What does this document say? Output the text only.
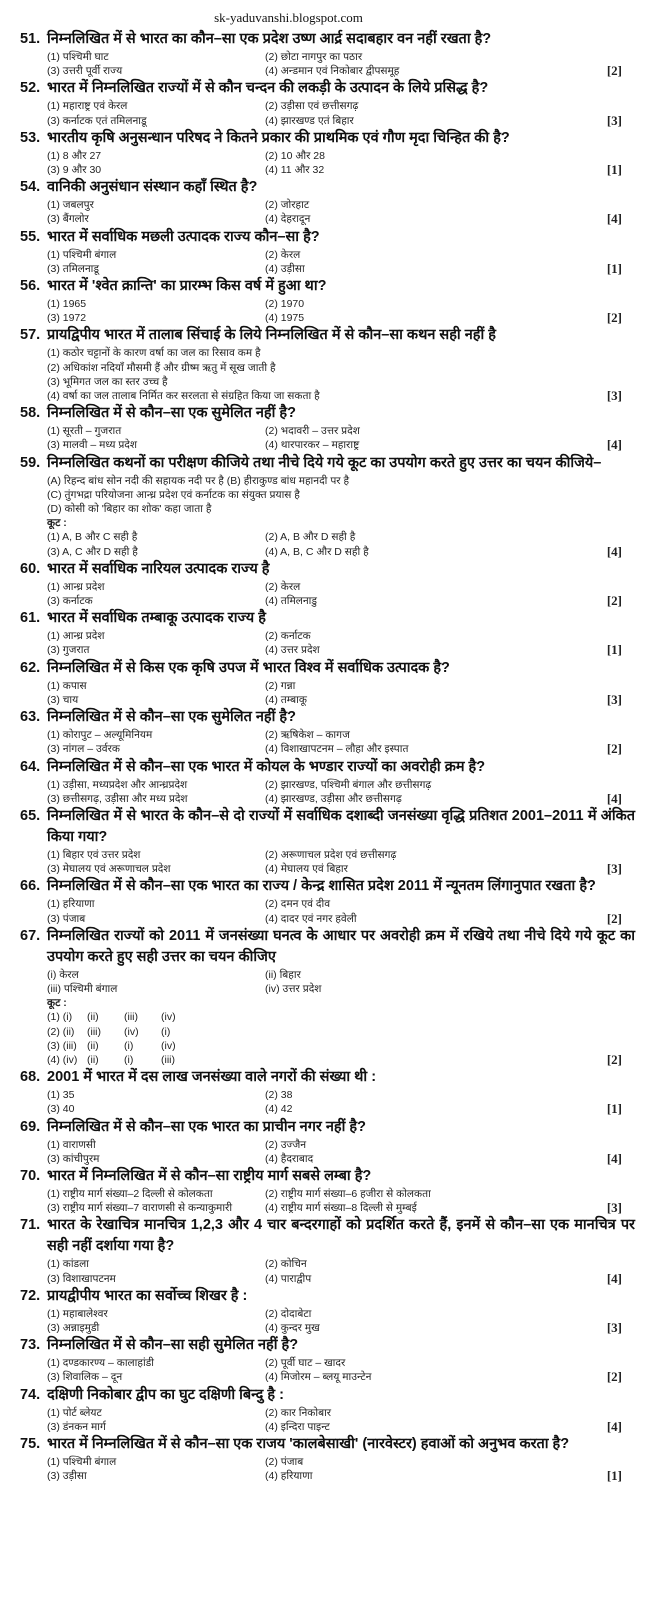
sk-yaduvanshi.blogspot.com
51. निम्नलिखित में से भारत का कौन–सा एक प्रदेश उष्ण आर्द्र सदाबहार वन नहीं रखता है?
(1) पश्चिमी घाट	(2) छोटा नागपुर का पठार
(3) उत्तरी पूर्वी राज्य	(4) अन्डमान एवं निकोबार द्वीपसमूह	[2]
52. भारत में निम्नलिखित राज्यों में से कौन चन्दन की लकड़ी के उत्पादन के लिये प्रसिद्ध है?
(1) महाराष्ट्र एवं केरल	(2) उड़ीसा एवं छत्तीसगढ़
(3) कर्नाटक एतं तमिलनाडू	(4) झारखण्ड एतं बिहार	[3]
53. भारतीय कृषि अनुसन्धान परिषद ने कितने प्रकार की प्राथमिक एवं गौण मृदा चिन्हित की है?
(1) 8 और 27	(2) 10 और 28
(3) 9 और 30	(4) 11 और 32	[1]
54. वानिकी अनुसंधान संस्थान कहाँ स्थित है?
(1) जबलपुर	(2) जोरहाट
(3) बैंगलोर	(4) देहरादून	[4]
55. भारत में सर्वाधिक मछली उत्पादक राज्य कौन–सा है?
(1) पश्चिमी बंगाल	(2) केरल
(3) तमिलनाडू	(4) उड़ीसा	[1]
56. भारत में 'श्वेत क्रान्ति' का प्रारम्भ किस वर्ष में हुआ था?
(1) 1965	(2) 1970
(3) 1972	(4) 1975	[2]
57. प्रायद्विपीय भारत में तालाब सिंचाई के लिये निम्नलिखित में से कौन–सा कथन सही नहीं है
(1) कठोर चट्टानों के कारण वर्षा का जल का रिसाव कम है
(2) अधिकांश नदियाँ मौसमी हैं और ग्रीष्म ऋतु में सूख जाती है
(3) भूमिगत जल का स्तर उच्च है
(4) वर्षा का जल तालाब निर्मित कर सरलता से संग्रहित किया जा सकता है	[3]
58. निम्नलिखित में से कौन–सा एक सुमेलित नहीं है?
(1) सूरती – गुजरात	(2) भदावरी – उत्तर प्रदेश
(3) मालवी – मध्य प्रदेश	(4) थारपारकर – महाराष्ट्र	[4]
59. निम्नलिखित कथनों का परीक्षण कीजिये तथा नीचे दिये गये कूट का उपयोग करते हुए उत्तर का चयन कीजिये–
(A) रिहन्द बांध सोन नदी की सहायक नदी पर है (B) हीराकुण्ड बांध महानदी पर है
(C) तुंगभद्रा परियोजना आन्ध्र प्रदेश एवं कर्नाटक का संयुक्त प्रयास है
(D) कोसी को 'बिहार का शोक' कहा जाता है
कूट :
(1) A, B और C सही है	(2) A, B और D सही है
(3) A, C और D सही है	(4) A, B, C और D सही है	[4]
60. भारत में सर्वाधिक नारियल उत्पादक राज्य है
(1) आन्ध्र प्रदेश	(2) केरल
(3) कर्नाटक	(4) तमिलनाडु	[2]
61. भारत में सर्वाधिक तम्बाकू उत्पादक राज्य है
(1) आन्ध्र प्रदेश	(2) कर्नाटक
(3) गुजरात	(4) उत्तर प्रदेश	[1]
62. निम्नलिखित में से किस एक कृषि उपज में भारत विश्व में सर्वाधिक उत्पादक है?
(1) कपास	(2) गन्ना
(3) चाय	(4) तम्बाकू	[3]
63. निम्नलिखित में से कौन–सा एक सुमेलित नहीं है?
(1) कोरापुट – अल्यूमिनियम	(2) ऋषिकेश – कागज
(3) नांगल – उर्वरक	(4) विशाखापटनम – लौहा और इस्पात	[2]
64. निम्नलिखित में से कौन–सा एक भारत में कोयल के भण्डार राज्यों का अवरोही क्रम है?
(1) उड़ीसा, मध्यप्रदेश और आन्ध्रप्रदेश	(2) झारखण्ड, पश्चिमी बंगाल और छत्तीसगढ़
(3) छत्तीसगढ़, उड़ीसा और मध्य प्रदेश	(4) झारखण्ड, उड़ीसा और छत्तीसगढ़	[4]
65. निम्नलिखित में से भारत के कौन–से दो राज्यों में सर्वाधिक दशाब्दी जनसंख्या वृद्धि प्रतिशत 2001–2011 में अंकित किया गया?
(1) बिहार एवं उत्तर प्रदेश	(2) अरूणाचल प्रदेश एवं छत्तीसगढ़
(3) मेघालय एवं अरूणाचल प्रदेश	(4) मेघालय एवं बिहार	[3]
66. निम्नलिखित में से कौन–सा एक भारत का राज्य / केन्द्र शासित प्रदेश 2011 में न्यूनतम लिंगानुपात रखता है?
(1) हरियाणा	(2) दमन एवं दीव
(3) पंजाब	(4) दादर एवं नगर हवेली	[2]
67. निम्नलिखित राज्यों को 2011 में जनसंख्या घनत्व के आधार पर अवरोही क्रम में रखिये तथा नीचे दिये गये कूट का उपयोग करते हुए सही उत्तर का चयन कीजिए
(i) केरल	(ii) बिहार
(iii) पश्चिमी बंगाल	(iv) उत्तर प्रदेश
कूट :
(1) (i)	(ii)	(iii)	(iv)
(2) (ii)	(iii)	(iv)	(i)
(3) (iii) (ii)	(i)	(iv)
(4) (iv) (ii)	(i)	(iii)	[2]
68. 2001 में भारत में दस लाख जनसंख्या वाले नगरों की संख्या थी :
(1) 35	(2) 38
(3) 40	(4) 42	[1]
69. निम्नलिखित में से कौन–सा एक भारत का प्राचीन नगर नहीं है?
(1) वाराणसी	(2) उज्जैन
(3) कांचीपुरम	(4) हैदराबाद	[4]
70. भारत में निम्नलिखित में से कौन–सा राष्ट्रीय मार्ग सबसे लम्बा है?
(1) राष्ट्रीय मार्ग संख्या–2 दिल्ली से कोलकता	(2) राष्ट्रीय मार्ग संख्या–6 हजीरा से कोलकता
(3) राष्ट्रीय मार्ग संख्या–7 वाराणसी से कन्याकुमारी	(4) राष्ट्रीय मार्ग संख्या–8 दिल्ली से मुम्बई	[3]
71. भारत के रेखाचित्र मानचित्र 1,2,3 और 4 चार बन्दरगाहों को प्रदर्शित करते हैं, इनमें से कौन–सा एक मानचित्र पर सही नहीं दर्शाया गया है?
(1) कांडला	(2) कोचिन
(3) विशाखापटनम	(4) पाराद्वीप	[4]
72. प्रायद्वीपीय भारत का सर्वोच्च शिखर है :
(1) महाबालेश्वर	(2) दोदाबेटा
(3) अन्नाइमुडी	(4) कुन्दर मुख	[3]
73. निम्नलिखित में से कौन–सा सही सुमेलित नहीं है?
(1) दण्डकारण्य – कालाहांडी	(2) पूर्वी घाट – खादर
(3) शिवालिक – दून	(4) मिजोरम – ब्लयू माउन्टेन	[2]
74. दक्षिणी निकोबार द्वीप का घुट दक्षिणी बिन्दु है :
(1) पोर्ट ब्लेयट	(2) कार निकोबार
(3) डंनकन मार्ग	(4) इन्दिरा पाइन्ट	[4]
75. भारत में निम्नलिखित में से कौन–सा एक राजय 'कालबेसाखी' (नारवेस्टर) हवाओं को अनुभव करता है?
(1) पश्चिमी बंगाल	(2) पंजाब
(3) उड़ीसा	(4) हरियाणा	[1]
